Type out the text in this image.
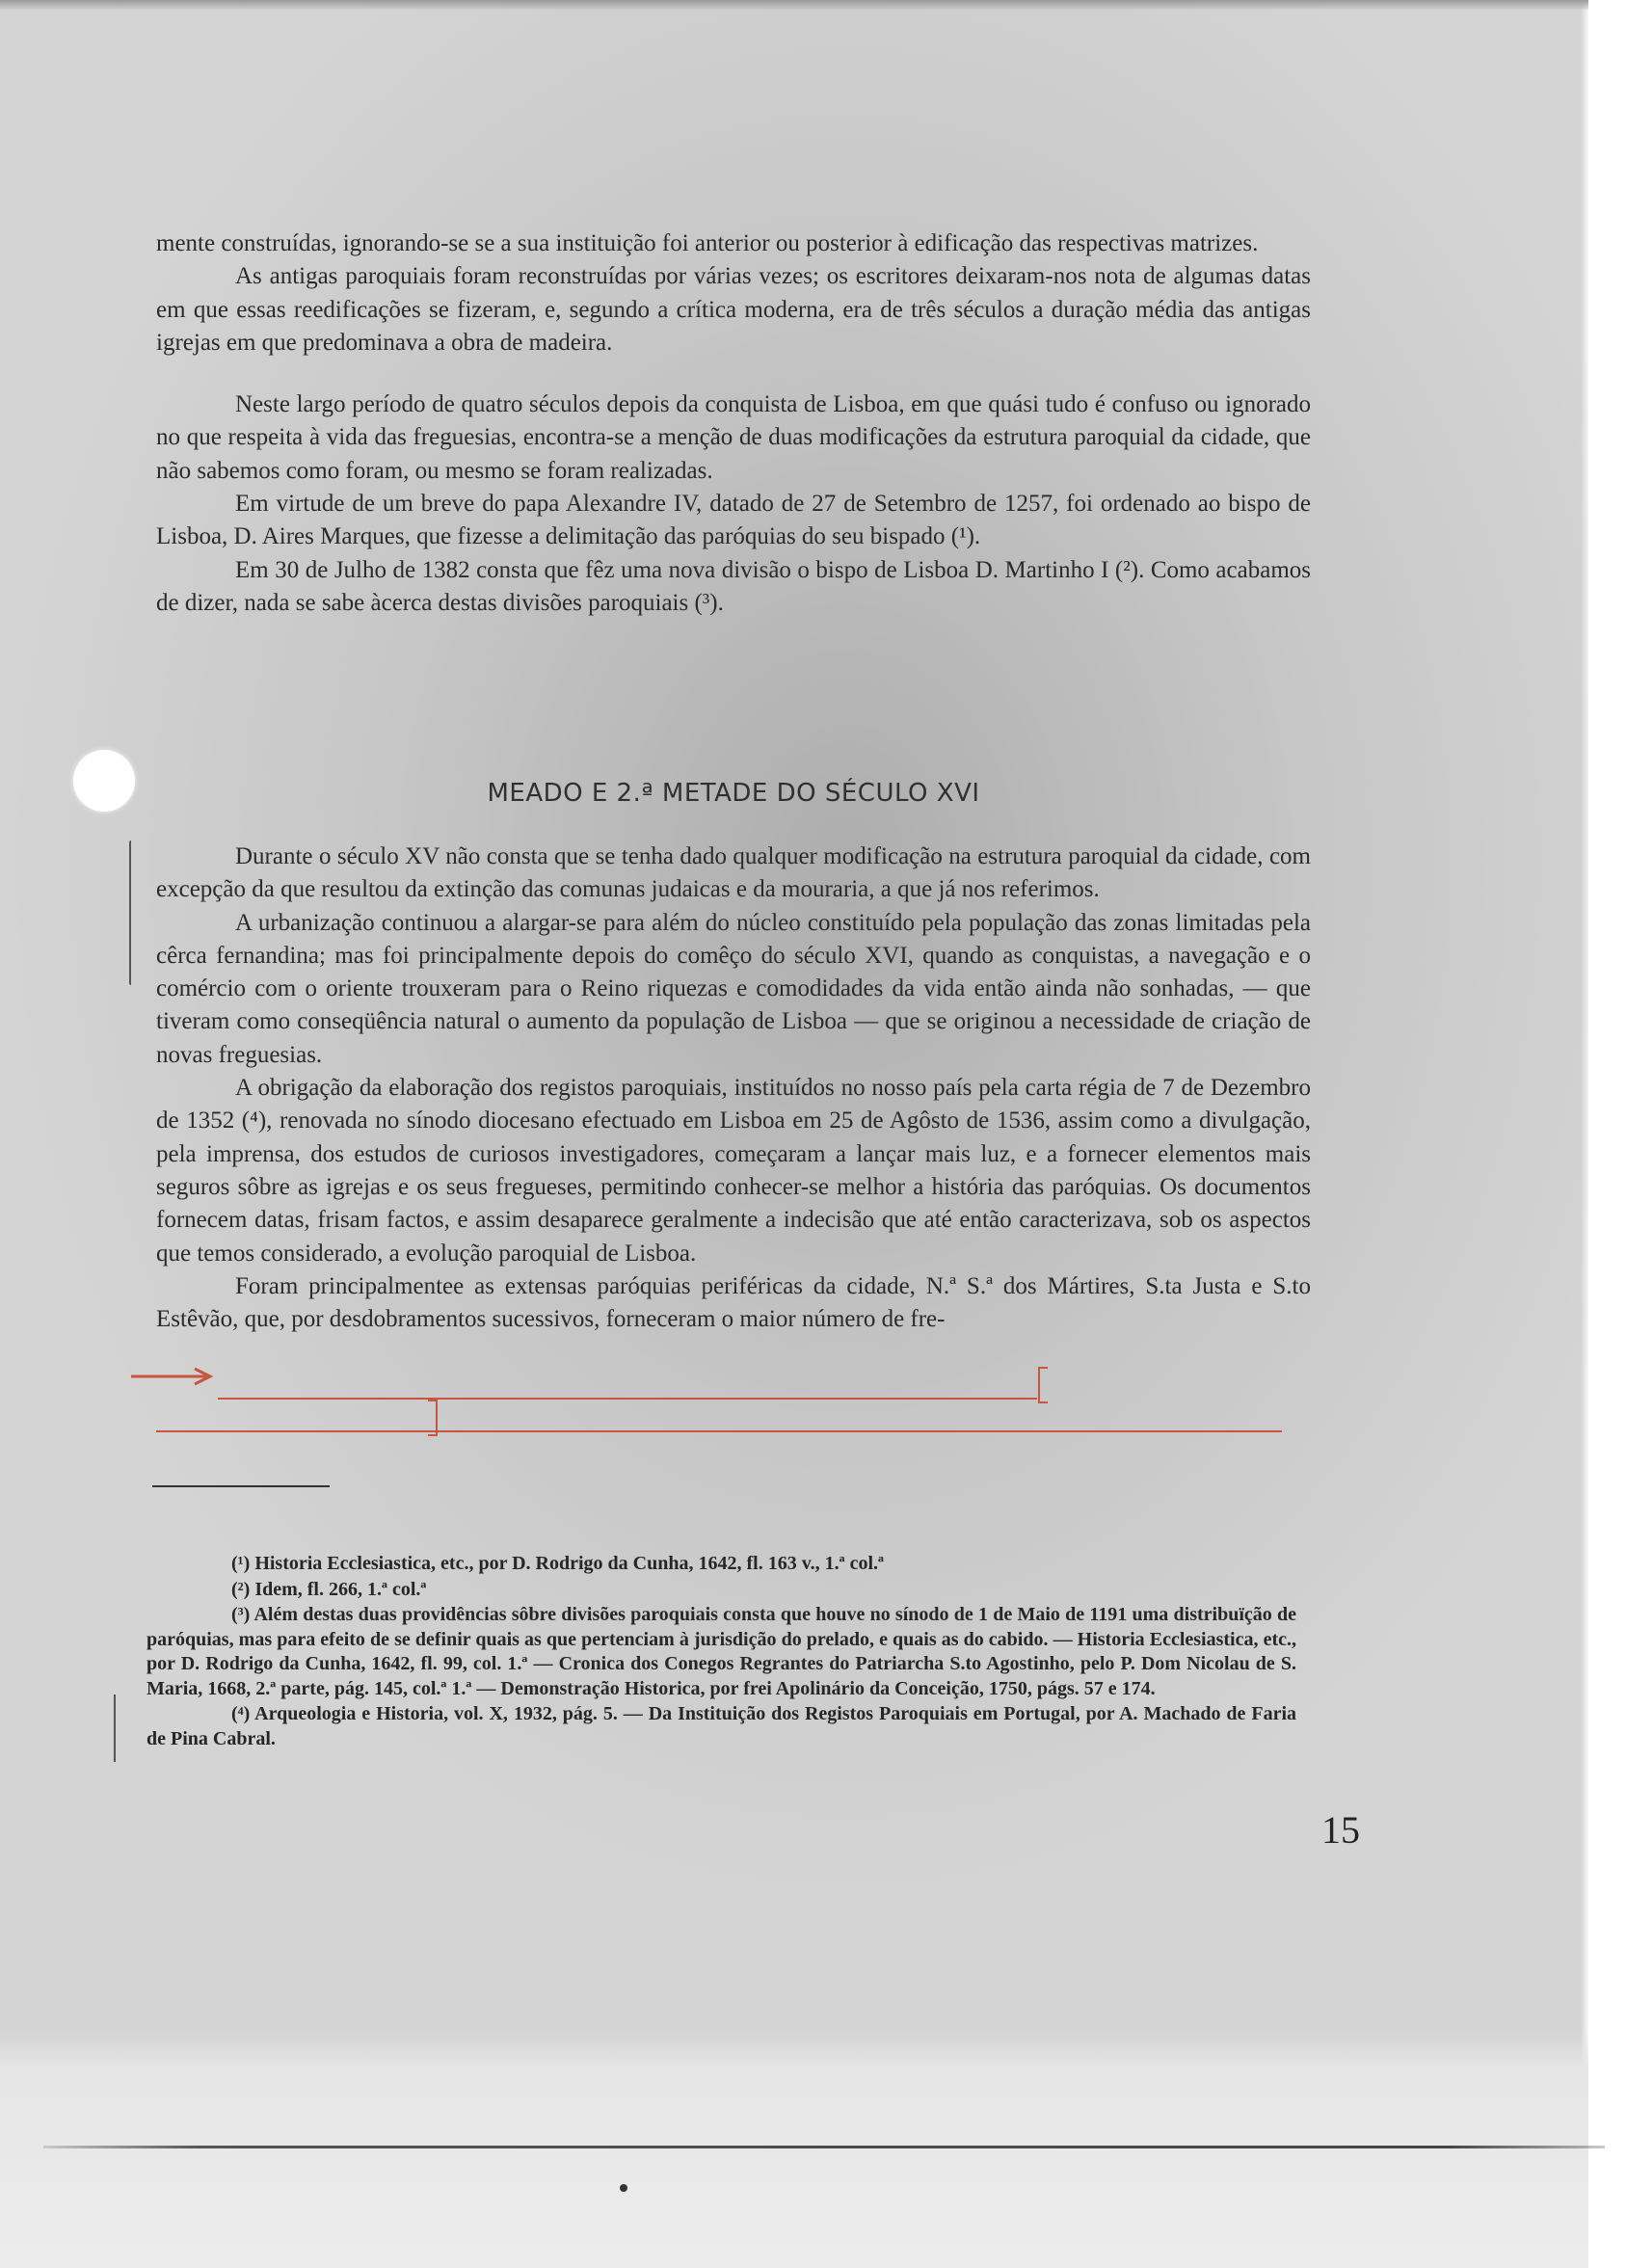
mente construídas, ignorando-se se a sua instituição foi anterior ou posterior à edificação das respectivas matrizes.

As antigas paroquiais foram reconstruídas por várias vezes; os escritores deixaram-nos nota de algumas datas em que essas reedificações se fizeram, e, segundo a crítica moderna, era de três séculos a duração média das antigas igrejas em que predominava a obra de madeira.

Neste largo período de quatro séculos depois da conquista de Lisboa, em que quási tudo é confuso ou ignorado no que respeita à vida das freguesias, encontra-se a menção de duas modificações da estrutura paroquial da cidade, que não sabemos como foram, ou mesmo se foram realizadas.

Em virtude de um breve do papa Alexandre IV, datado de 27 de Setembro de 1257, foi ordenado ao bispo de Lisboa, D. Aires Marques, que fizesse a delimitação das paróquias do seu bispado (¹).

Em 30 de Julho de 1382 consta que fêz uma nova divisão o bispo de Lisboa D. Martinho I (²). Como acabamos de dizer, nada se sabe àcerca destas divisões paroquiais (³).

MEADO E 2.ª METADE DO SÉCULO XVI

Durante o século XV não consta que se tenha dado qualquer modificação na estrutura paroquial da cidade, com excepção da que resultou da extinção das comunas judaicas e da mouraria, a que já nos referimos.

A urbanização continuou a alargar-se para além do núcleo constituído pela população das zonas limitadas pela cêrca fernandina; mas foi principalmente depois do comêço do século XVI, quando as conquistas, a navegação e o comércio com o oriente trouxeram para o Reino riquezas e comodidades da vida então ainda não sonhadas, — que tiveram como conseqüência natural o aumento da população de Lisboa — que se originou a necessidade de criação de novas freguesias.

A obrigação da elaboração dos registos paroquiais, instituídos no nosso país pela carta régia de 7 de Dezembro de 1352 (⁴), renovada no sínodo diocesano efectuado em Lisboa em 25 de Agôsto de 1536, assim como a divulgação, pela imprensa, dos estudos de curiosos investigadores, começaram a lançar mais luz, e a fornecer elementos mais seguros sôbre as igrejas e os seus fregueses, permitindo conhecer-se melhor a história das paróquias. Os documentos fornecem datas, frisam factos, e assim desaparece geralmente a indecisão que até então caracterizava, sob os aspectos que temos considerado, a evolução paroquial de Lisboa.

Foram principalmentee as extensas paróquias periféricas da cidade, N.ª S.ª dos Mártires, S.ta Justa e S.to Estêvão, que, por desdobramentos sucessivos, forneceram o maior número de fre-

(¹) Historia Ecclesiastica, etc., por D. Rodrigo da Cunha, 1642, fl. 163 v., 1.ª col.ª

(²) Idem, fl. 266, 1.ª col.ª

(³) Além destas duas providências sôbre divisões paroquiais consta que houve no sínodo de 1 de Maio de 1191 uma distribuïção de paróquias, mas para efeito de se definir quais as que pertenciam à jurisdição do prelado, e quais as do cabido. — Historia Ecclesiastica, etc., por D. Rodrigo da Cunha, 1642, fl. 99, col. 1.ª — Cronica dos Conegos Regrantes do Patriarcha S.to Agostinho, pelo P. Dom Nicolau de S. Maria, 1668, 2.ª parte, pág. 145, col.ª 1.ª — Demonstração Historica, por frei Apolinário da Conceição, 1750, págs. 57 e 174.

(⁴) Arqueologia e Historia, vol. X, 1932, pág. 5. — Da Instituição dos Registos Paroquiais em Portugal, por A. Machado de Faria de Pina Cabral.

15
